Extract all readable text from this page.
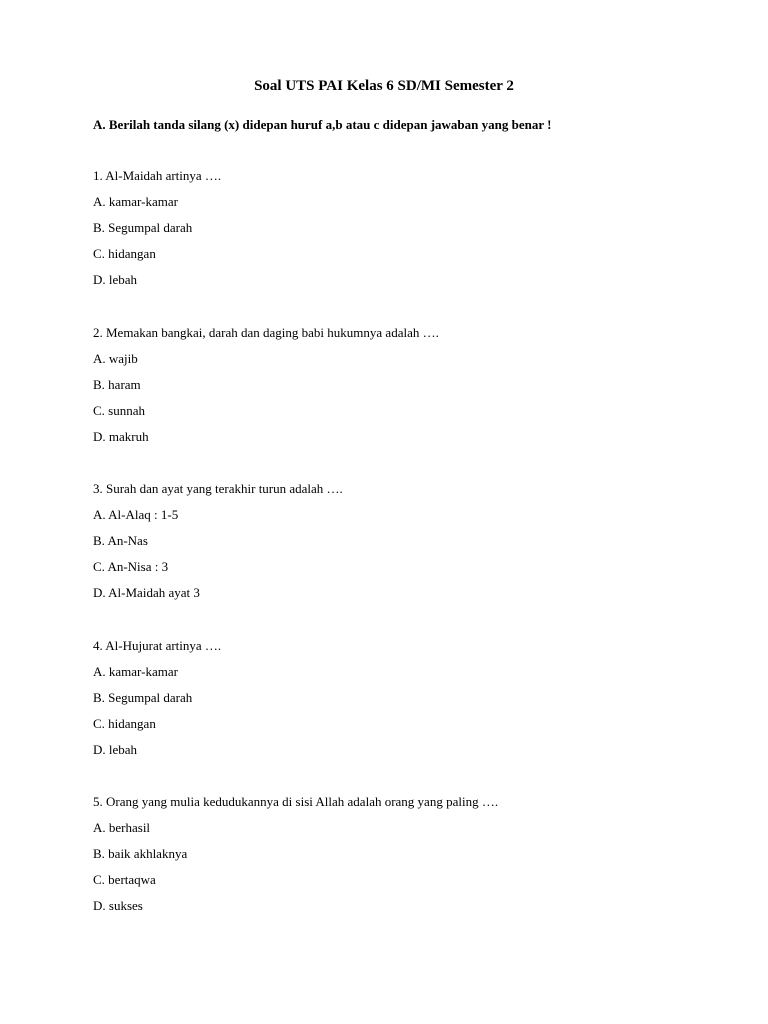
Soal UTS PAI Kelas 6 SD/MI Semester 2
A. Berilah tanda silang (x) didepan huruf a,b atau c didepan jawaban yang benar !
1. Al-Maidah artinya ….
A. kamar-kamar
B. Segumpal darah
C. hidangan
D. lebah
2. Memakan bangkai, darah dan daging babi hukumnya adalah ….
A. wajib
B. haram
C. sunnah
D. makruh
3. Surah dan ayat yang terakhir turun adalah ….
A. Al-Alaq : 1-5
B. An-Nas
C. An-Nisa : 3
D. Al-Maidah ayat 3
4. Al-Hujurat artinya ….
A. kamar-kamar
B. Segumpal darah
C. hidangan
D. lebah
5. Orang yang mulia kedudukannya di sisi Allah adalah orang yang paling ….
A. berhasil
B. baik akhlaknya
C. bertaqwa
D. sukses
